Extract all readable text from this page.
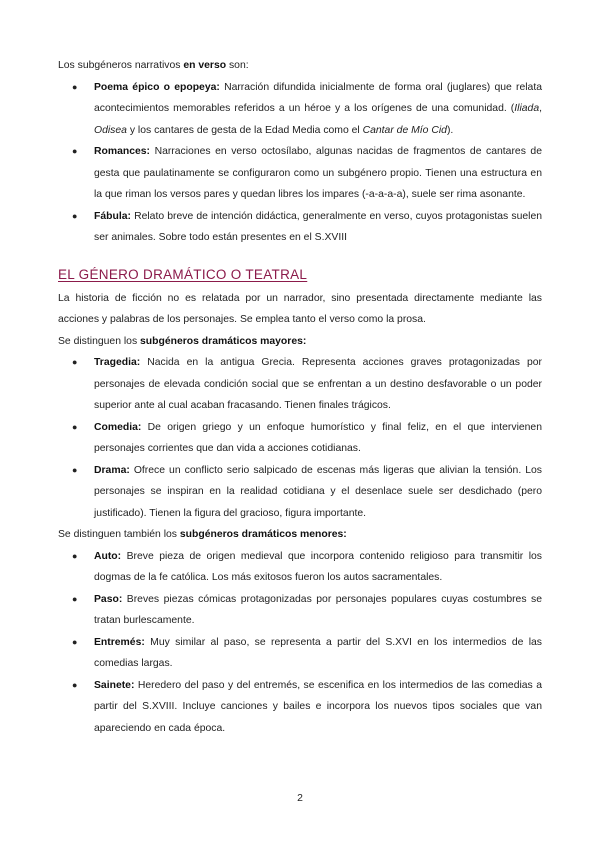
Los subgéneros narrativos en verso son:

● Poema épico o epopeya: Narración difundida inicialmente de forma oral (juglares) que relata acontecimientos memorables referidos a un héroe y a los orígenes de una comunidad. (Iliada, Odisea y los cantares de gesta de la Edad Media como el Cantar de Mío Cid).
● Romances: Narraciones en verso octosílabo, algunas nacidas de fragmentos de cantares de gesta que paulatinamente se configuraron como un subgénero propio. Tienen una estructura en la que riman los versos pares y quedan libres los impares (-a-a-a-a), suele ser rima asonante.
● Fábula: Relato breve de intención didáctica, generalmente en verso, cuyos protagonistas suelen ser animales. Sobre todo están presentes en el S.XVIII
EL GÉNERO DRAMÁTICO O TEATRAL

La historia de ficción no es relatada por un narrador, sino presentada directamente mediante las acciones y palabras de los personajes. Se emplea tanto el verso como la prosa.

Se distinguen los subgéneros dramáticos mayores:

● Tragedia: Nacida en la antigua Grecia. Representa acciones graves protagonizadas por personajes de elevada condición social que se enfrentan a un destino desfavorable o un poder superior ante al cual acaban fracasando. Tienen finales trágicos.
● Comedia: De origen griego y un enfoque humorístico y final feliz, en el que intervienen personajes corrientes que dan vida a acciones cotidianas.
● Drama: Ofrece un conflicto serio salpicado de escenas más ligeras que alivian la tensión. Los personajes se inspiran en la realidad cotidiana y el desenlace suele ser desdichado (pero justificado). Tienen la figura del gracioso, figura importante.

Se distinguen también los subgéneros dramáticos menores:

● Auto: Breve pieza de origen medieval que incorpora contenido religioso para transmitir los dogmas de la fe católica. Los más exitosos fueron los autos sacramentales.
● Paso: Breves piezas cómicas protagonizadas por personajes populares cuyas costumbres se tratan burlescamente.
● Entremés: Muy similar al paso, se representa a partir del S.XVI en los intermedios de las comedias largas.
● Sainete: Heredero del paso y del entremés, se escenifica en los intermedios de las comedias a partir del S.XVIII. Incluye canciones y bailes e incorpora los nuevos tipos sociales que van apareciendo en cada época.
2
